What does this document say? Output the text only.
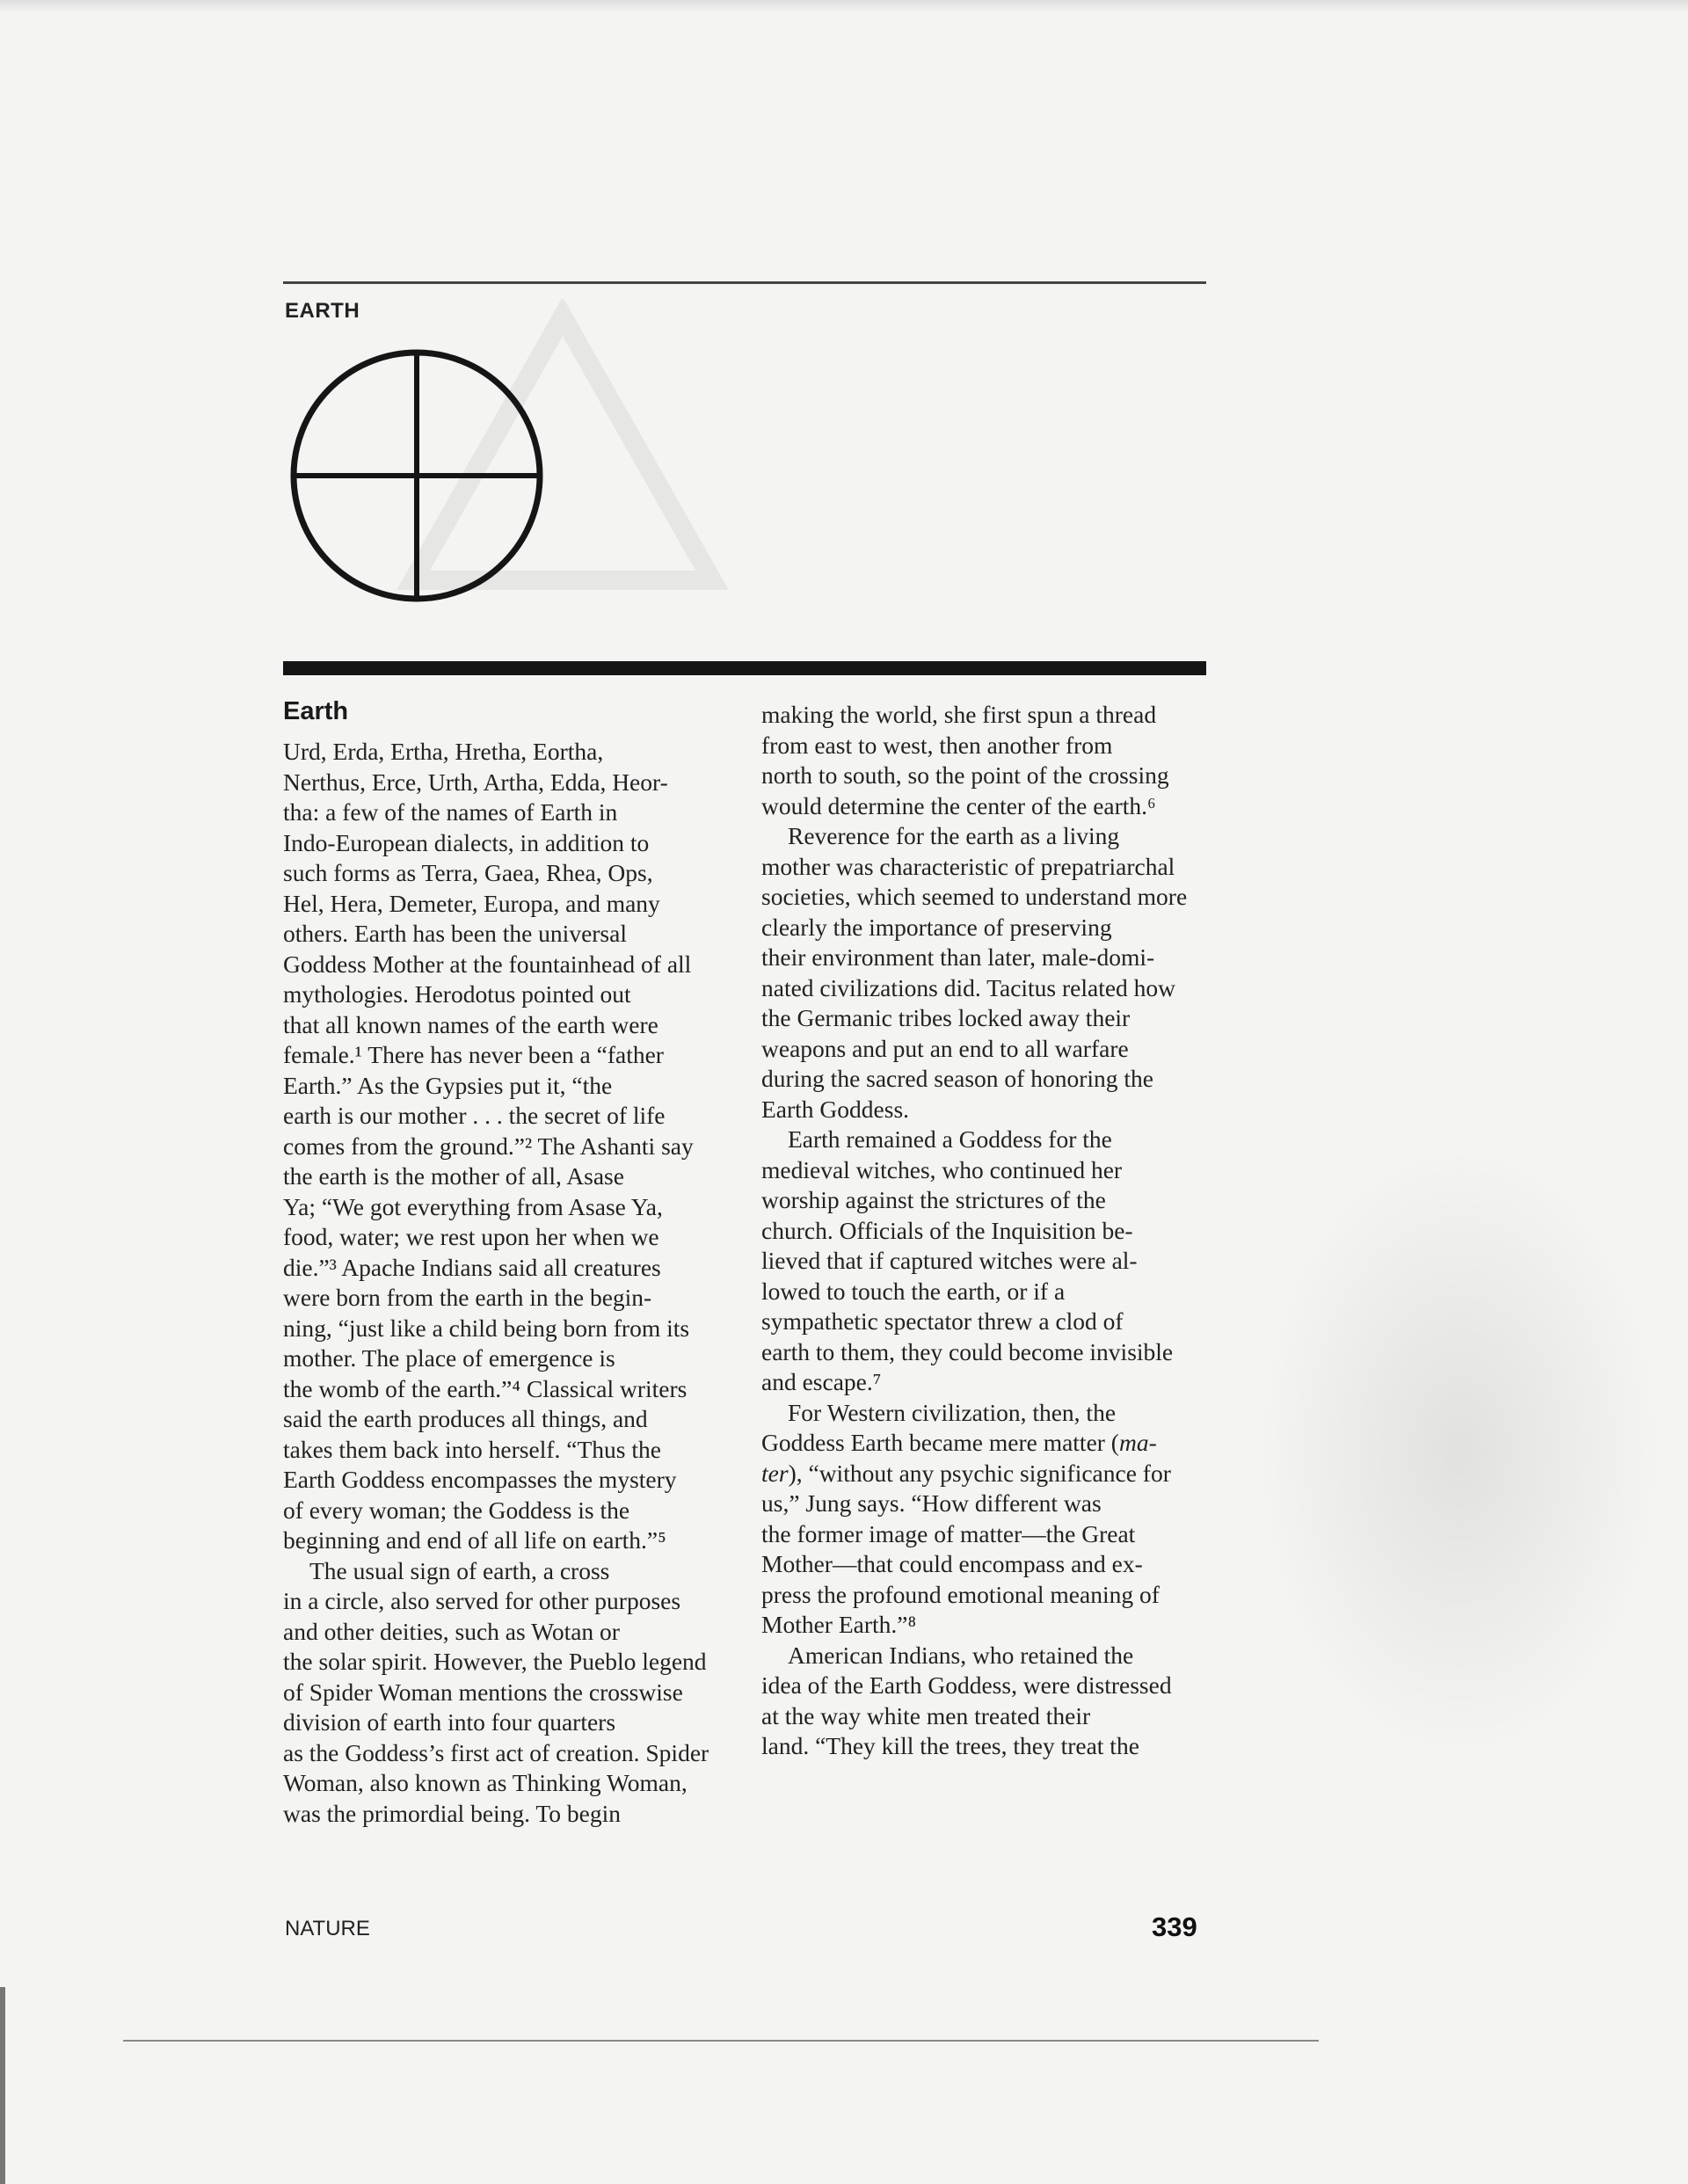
EARTH
Earth
Urd, Erda, Ertha, Hretha, Eortha,
Nerthus, Erce, Urth, Artha, Edda, Heor-
tha: a few of the names of Earth in
Indo-European dialects, in addition to
such forms as Terra, Gaea, Rhea, Ops,
Hel, Hera, Demeter, Europa, and many
others. Earth has been the universal
Goddess Mother at the fountainhead of all
mythologies. Herodotus pointed out
that all known names of the earth were
female.¹ There has never been a “father
Earth.” As the Gypsies put it, “the
earth is our mother . . . the secret of life
comes from the ground.”² The Ashanti say
the earth is the mother of all, Asase
Ya; “We got everything from Asase Ya,
food, water; we rest upon her when we
die.”³ Apache Indians said all creatures
were born from the earth in the begin-
ning, “just like a child being born from its
mother. The place of emergence is
the womb of the earth.”⁴ Classical writers
said the earth produces all things, and
takes them back into herself. “Thus the
Earth Goddess encompasses the mystery
of every woman; the Goddess is the
beginning and end of all life on earth.”⁵
The usual sign of earth, a cross
in a circle, also served for other purposes
and other deities, such as Wotan or
the solar spirit. However, the Pueblo legend
of Spider Woman mentions the crosswise
division of earth into four quarters
as the Goddess’s first act of creation. Spider
Woman, also known as Thinking Woman,
was the primordial being. To begin
making the world, she first spun a thread
from east to west, then another from
north to south, so the point of the crossing
would determine the center of the earth.⁶
Reverence for the earth as a living
mother was characteristic of prepatriarchal
societies, which seemed to understand more
clearly the importance of preserving
their environment than later, male-domi-
nated civilizations did. Tacitus related how
the Germanic tribes locked away their
weapons and put an end to all warfare
during the sacred season of honoring the
Earth Goddess.
Earth remained a Goddess for the
medieval witches, who continued her
worship against the strictures of the
church. Officials of the Inquisition be-
lieved that if captured witches were al-
lowed to touch the earth, or if a
sympathetic spectator threw a clod of
earth to them, they could become invisible
and escape.⁷
For Western civilization, then, the
Goddess Earth became mere matter (ma-
ter), “without any psychic significance for
us,” Jung says. “How different was
the former image of matter—the Great
Mother—that could encompass and ex-
press the profound emotional meaning of
Mother Earth.”⁸
American Indians, who retained the
idea of the Earth Goddess, were distressed
at the way white men treated their
land. “They kill the trees, they treat the
NATURE	339
